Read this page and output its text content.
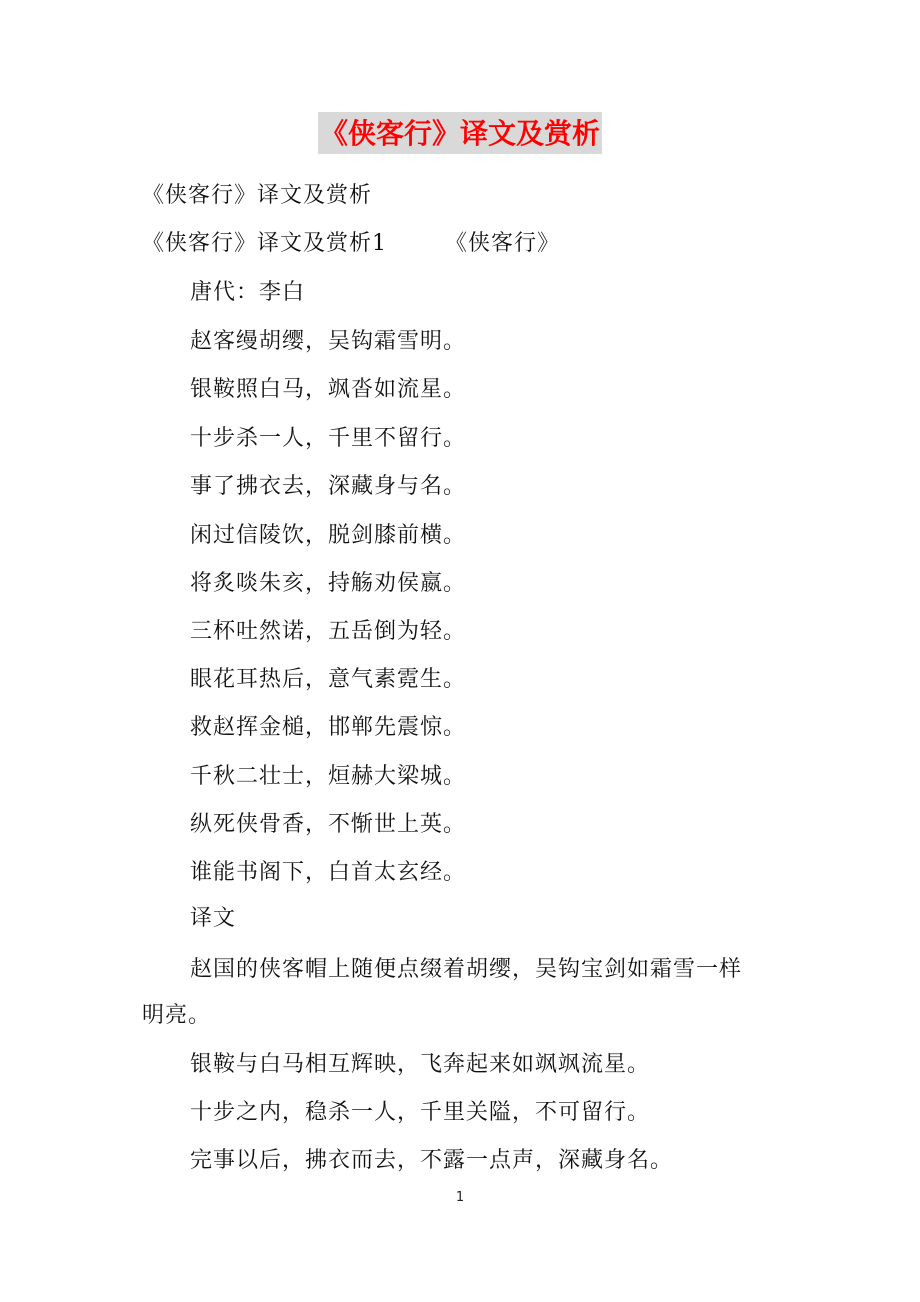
《侠客行》译文及赏析
《侠客行》译文及赏析
《侠客行》译文及赏析1	《侠客行》
唐代：李白
赵客缦胡缨，吴钩霜雪明。
银鞍照白马，飒沓如流星。
十步杀一人，千里不留行。
事了拂衣去，深藏身与名。
闲过信陵饮，脱剑膝前横。
将炙啖朱亥，持觞劝侯嬴。
三杯吐然诺，五岳倒为轻。
眼花耳热后，意气素霓生。
救赵挥金槌，邯郸先震惊。
千秋二壮士，烜赫大梁城。
纵死侠骨香，不惭世上英。
谁能书阁下，白首太玄经。
译文
赵国的侠客帽上随便点缀着胡缨，吴钩宝剑如霜雪一样
明亮。
银鞍与白马相互辉映，飞奔起来如飒飒流星。
十步之内，稳杀一人，千里关隘，不可留行。
完事以后，拂衣而去，不露一点声，深藏身名。
1
